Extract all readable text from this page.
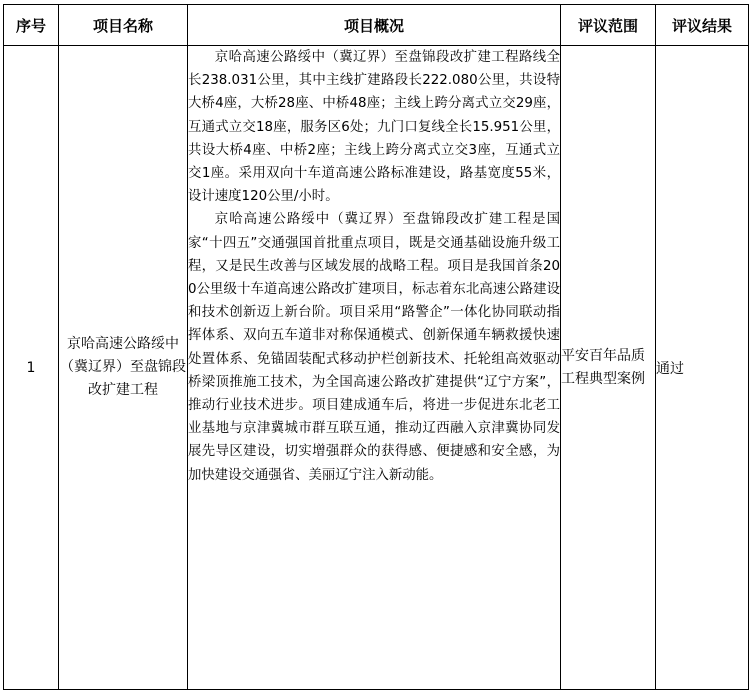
序号	项目名称	项目概况	评议范围	评议结果
1	京哈高速公路绥中（冀辽界）至盘锦段改扩建工程	京哈高速公路绥中（冀辽界）至盘锦段改扩建工程路线全长238.031公里，其中主线扩建路段长222.080公里，共设特大桥4座，大桥28座、中桥48座；主线上跨分离式立交29座，互通式立交18座，服务区6处；九门口复线全长15.951公里，共设大桥4座、中桥2座；主线上跨分离式立交3座，互通式立交1座。采用双向十车道高速公路标准建设，路基宽度55米，设计速度120公里/小时。

京哈高速公路绥中（冀辽界）至盘锦段改扩建工程是国家“十四五”交通强国首批重点项目，既是交通基础设施升级工程，又是民生改善与区域发展的战略工程。项目是我国首条200公里级十车道高速公路改扩建项目，标志着东北高速公路建设和技术创新迈上新台阶。项目采用“路警企”一体化协同联动指挥体系、双向五车道非对称保通模式、创新保通车辆救援快速处置体系、免锚固装配式移动护栏创新技术、托轮组高效驱动桥梁顶推施工技术，为全国高速公路改扩建提供“辽宁方案”，推动行业技术进步。项目建成通车后，将进一步促进东北老工业基地与京津冀城市群互联互通，推动辽西融入京津冀协同发展先导区建设，切实增强群众的获得感、便捷感和安全感，为加快建设交通强省、美丽辽宁注入新动能。	平安百年品质工程典型案例	通过
